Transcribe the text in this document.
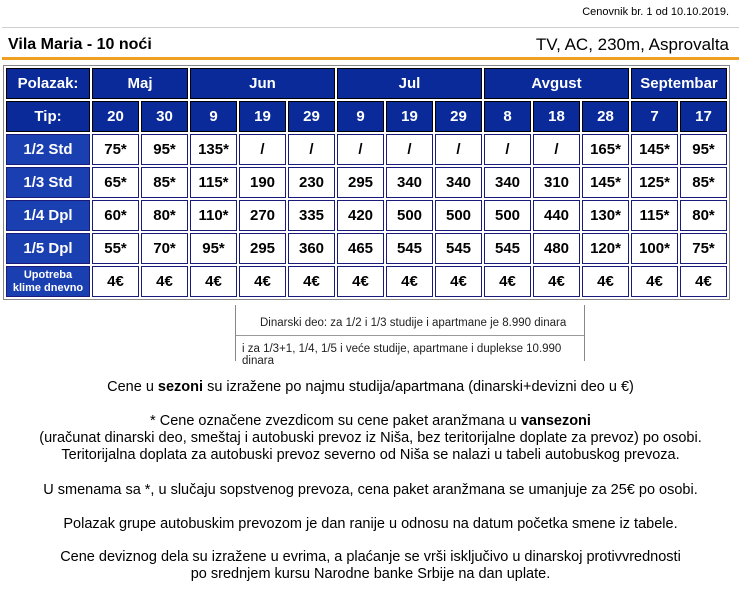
Cenovnik br. 1 od 10.10.2019.
Vila Maria - 10 noći	TV, AC, 230m, Asprovalta
Polazak:	Maj		Jun			Jul			Avgust			Septembar	
Tip:	20	30	9	19	29	9	19	29	8	18	28	7	17
1/2 Std	75*	95*	135*	/	/	/	/	/	/	/	165*	145*	95*
1/3 Std	65*	85*	115*	190	230	295	340	340	340	310	145*	125*	85*
1/4 Dpl	60*	80*	110*	270	335	420	500	500	500	440	130*	115*	80*
1/5 Dpl	55*	70*	95*	295	360	465	545	545	545	480	120*	100*	75*
Upotreba
klime dnevno	4€	4€	4€	4€	4€	4€	4€	4€	4€	4€	4€	4€	4€
Dinarski deo: za 1/2 i 1/3 studije i apartmane je 8.990 dinara
i za 1/3+1, 1/4, 1/5 i veće studije, apartmane i duplekse 10.990 dinara
Cene u sezoni su izražene po najmu studija/apartmana (dinarski+devizni deo u €)
* Cene označene zvezdicom su cene paket aranžmana u vansezoni
(uračunat dinarski deo, smeštaj i autobuski prevoz iz Niša, bez teritorijalne doplate za prevoz) po osobi.
Teritorijalna doplata za autobuski prevoz severno od Niša se nalazi u tabeli autobuskog prevoza.
U smenama sa *, u slučaju sopstvenog prevoza, cena paket aranžmana se umanjuje za 25€ po osobi.
Polazak grupe autobuskim prevozom je dan ranije u odnosu na datum početka smene iz tabele.
Cene deviznog dela su izražene u evrima, a plaćanje se vrši isključivo u dinarskoj protivvrednosti
po srednjem kursu Narodne banke Srbije na dan uplate.
